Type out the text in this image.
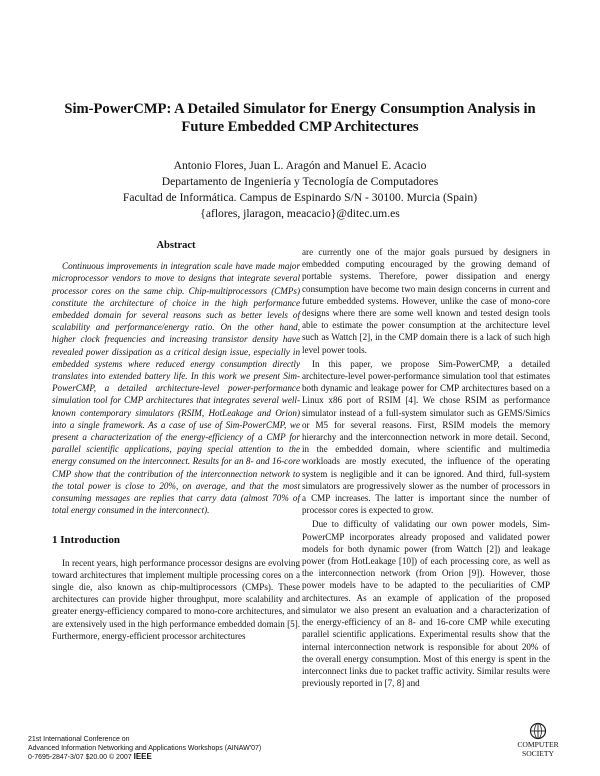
Sim-PowerCMP: A Detailed Simulator for Energy Consumption Analysis in
Future Embedded CMP Architectures
Antonio Flores, Juan L. Aragón and Manuel E. Acacio
Departamento de Ingeniería y Tecnología de Computadores
Facultad de Informática. Campus de Espinardo S/N - 30100. Murcia (Spain)
{aflores, jlaragon, meacacio}@ditec.um.es
Abstract

Continuous improvements in integration scale have made major microprocessor vendors to move to designs that integrate several processor cores on the same chip. Chip-multiprocessors (CMPs) constitute the architecture of choice in the high performance embedded domain for several reasons such as better levels of scalability and performance/energy ratio. On the other hand, higher clock frequencies and increasing transistor density have revealed power dissipation as a critical design issue, especially in embedded systems where reduced energy consumption directly translates into extended battery life. In this work we present Sim-PowerCMP, a detailed architecture-level power-performance simulation tool for CMP architectures that integrates several well-known contemporary simulators (RSIM, HotLeakage and Orion) into a single framework. As a case of use of Sim-PowerCMP, we present a characterization of the energy-efficiency of a CMP for parallel scientific applications, paying special attention to the energy consumed on the interconnect. Results for an 8- and 16-core CMP show that the contribution of the interconnection network to the total power is close to 20%, on average, and that the most consuming messages are replies that carry data (almost 70% of total energy consumed in the interconnect).

1 Introduction

In recent years, high performance processor designs are evolving toward architectures that implement multiple processing cores on a single die, also known as chip-multiprocessors (CMPs). These architectures can provide higher throughput, more scalability and greater energy-efficiency compared to mono-core architectures, and are extensively used in the high performance embedded domain [5]. Furthermore, energy-efficient processor architectures

are currently one of the major goals pursued by designers in embedded computing encouraged by the growing demand of portable systems. Therefore, power dissipation and energy consumption have become two main design concerns in current and future embedded systems. However, unlike the case of mono-core designs where there are some well known and tested design tools able to estimate the power consumption at the architecture level such as Wattch [2], in the CMP domain there is a lack of such high level power tools.

In this paper, we propose Sim-PowerCMP, a detailed architecture-level power-performance simulation tool that estimates both dynamic and leakage power for CMP architectures based on a Linux x86 port of RSIM [4]. We chose RSIM as performance simulator instead of a full-system simulator such as GEMS/Simics or M5 for several reasons. First, RSIM models the memory hierarchy and the interconnection network in more detail. Second, in the embedded domain, where scientific and multimedia workloads are mostly executed, the influence of the operating system is negligible and it can be ignored. And third, full-system simulators are progressively slower as the number of processors in a CMP increases. The latter is important since the number of processor cores is expected to grow.

Due to difficulty of validating our own power models, Sim-PowerCMP incorporates already proposed and validated power models for both dynamic power (from Wattch [2]) and leakage power (from HotLeakage [10]) of each processing core, as well as the interconnection network (from Orion [9]). However, those power models have to be adapted to the peculiarities of CMP architectures. As an example of application of the proposed simulator we also present an evaluation and a characterization of the energy-efficiency of an 8- and 16-core CMP while executing parallel scientific applications. Experimental results show that the internal interconnection network is responsible for about 20% of the overall energy consumption. Most of this energy is spent in the interconnect links due to packet traffic activity. Similar results were previously reported in [7, 8] and

21st International Conference on
Advanced Information Networking and Applications Workshops (AINAW'07)
0-7695-2847-3/07 $20.00 © 2007 IEEE
COMPUTER
SOCIETY
